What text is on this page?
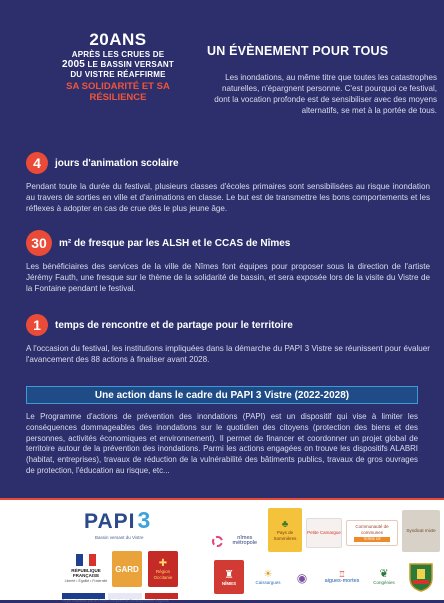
20ANS
APRÈS LES CRUES DE
2005 LE BASSIN VERSANT
DU VISTRE RÉAFFIRME
SA SOLIDARITÉ ET SA RÉSILIENCE
UN ÉVÈNEMENT POUR TOUS
Les inondations, au même titre que toutes les catastrophes naturelles, n'épargnent personne. C'est pourquoi ce festival, dont la vocation profonde est de sensibiliser avec des moyens alternatifs, se met à la portée de tous.
4	jours d'animation scolaire
Pendant toute la durée du festival, plusieurs classes d'écoles primaires sont sensibilisées au risque inondation au travers de sorties en ville et d'animations en classe. Le but est de transmettre les bons comportements et les réflexes à adopter en cas de crue dès le plus jeune âge.
30	m² de fresque par les ALSH et le CCAS de Nîmes
Les bénéficiaires des services de la ville de Nîmes font équipes pour proposer sous la direction de l'artiste Jérémy Fauth, une fresque sur le thème de la solidarité de bassin, et sera exposée lors de la visite du Vistre de la Fontaine pendant le festival.
1	temps de rencontre et de partage pour le territoire
A l'occasion du festival, les institutions impliquées dans la démarche du PAPI 3 Vistre se réunissent pour évaluer l'avancement des 88 actions à finaliser avant 2028.
Une action dans le cadre du PAPI 3 Vistre (2022-2028)
Le Programme d'actions de prévention des inondations (PAPI) est un dispositif qui vise à limiter les conséquences dommageables des inondations sur le quotidien des citoyens (protection des biens et des personnes, activités économiques et environnement). Il permet de financer et coordonner un projet global de territoire autour de la prévention des inondations. Parmi les actions engagées on trouve les dispositifs ALABRI (habitat, entreprises), travaux de réduction de la vulnérabilité des bâtiments publics, travaux de gros ouvrages de protection, l'éducation au risque, etc...
PAPI 3
Bassin versant du Vistre
RÉPUBLIQUE FRANÇAISE
Liberté • Égalité • Fraternité
GARD ✚
Région Occitanie
Projet cofinancé par le Fonds Européen de Développement Régional
nîmes métropole
♣
Pays de Sommières
Petite Camargue
Communauté de communes
TERRE DE CAMARGUE
Syndicat mixte
♜
NÎMES
☀
Caissargues ◉	♖
aigues-mortes
❦
Congénies
